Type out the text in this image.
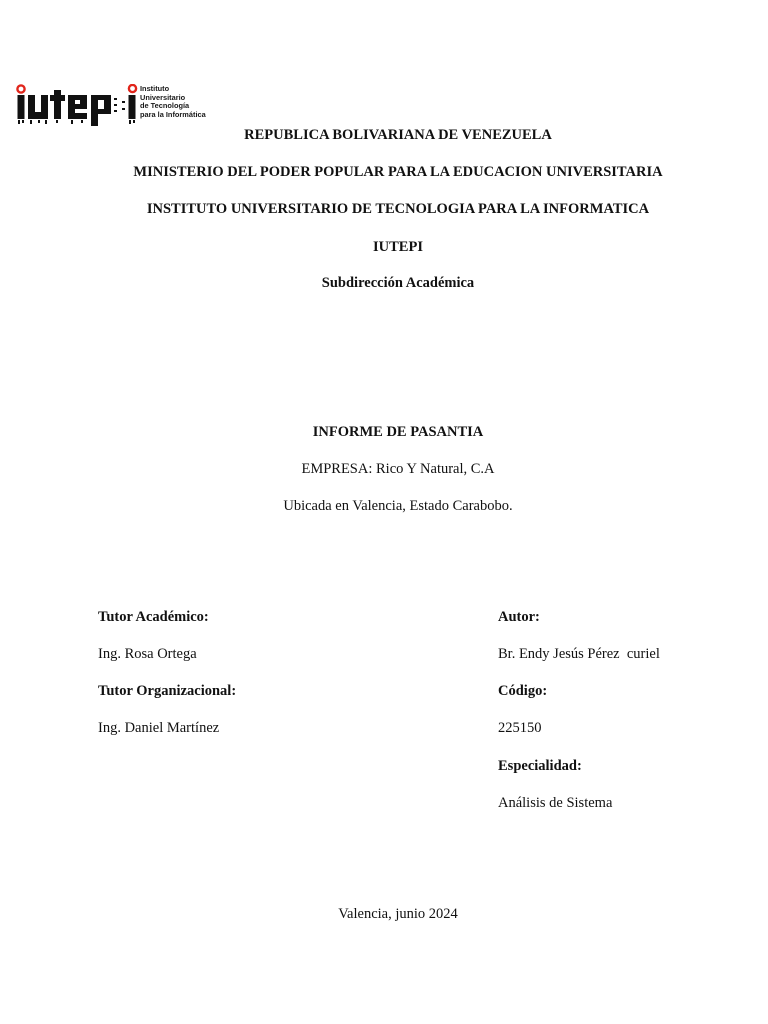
Instituto
Universitario
de Tecnología
para la Informática
REPUBLICA BOLIVARIANA DE VENEZUELA
MINISTERIO DEL PODER POPULAR PARA LA EDUCACION UNIVERSITARIA
INSTITUTO UNIVERSITARIO DE TECNOLOGIA PARA LA INFORMATICA
IUTEPI
Subdirección Académica
INFORME DE PASANTIA
EMPRESA: Rico Y Natural, C.A
Ubicada en Valencia, Estado Carabobo.
Tutor Académico:
Ing. Rosa Ortega
Tutor Organizacional:
Ing. Daniel Martínez
Autor:
Br. Endy Jesús Pérez  curiel
Código:
225150
Especialidad:
Análisis de Sistema
Valencia, junio 2024
